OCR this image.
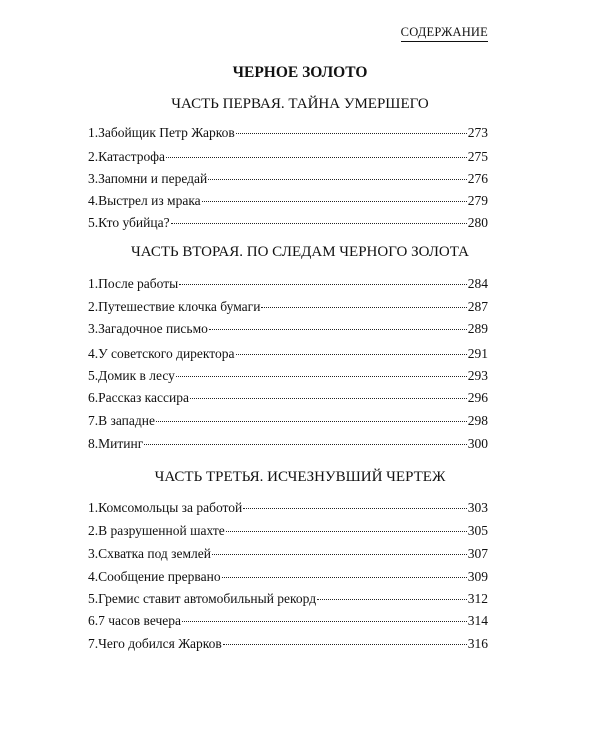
СОДЕРЖАНИЕ
ЧЕРНОЕ ЗОЛОТО
ЧАСТЬ ПЕРВАЯ. ТАЙНА УМЕРШЕГО
1. Забойщик Петр Жарков	273
2. Катастрофа	275
3. Запомни и передай	276
4. Выстрел из мрака	279
5. Кто убийца?	280
ЧАСТЬ ВТОРАЯ. ПО СЛЕДАМ ЧЕРНОГО ЗОЛОТА
1. После работы	284
2. Путешествие клочка бумаги	287
3. Загадочное письмо	289
4. У советского директора	291
5. Домик в лесу	293
6. Рассказ кассира	296
7. В западне	298
8. Митинг	300
ЧАСТЬ ТРЕТЬЯ. ИСЧЕЗНУВШИЙ ЧЕРТЕЖ
1. Комсомольцы за работой	303
2. В разрушенной шахте	305
3. Схватка под землей	307
4. Сообщение прервано	309
5. Гремис ставит автомобильный рекорд	312
6. 7 часов вечера	314
7. Чего добился Жарков	316
